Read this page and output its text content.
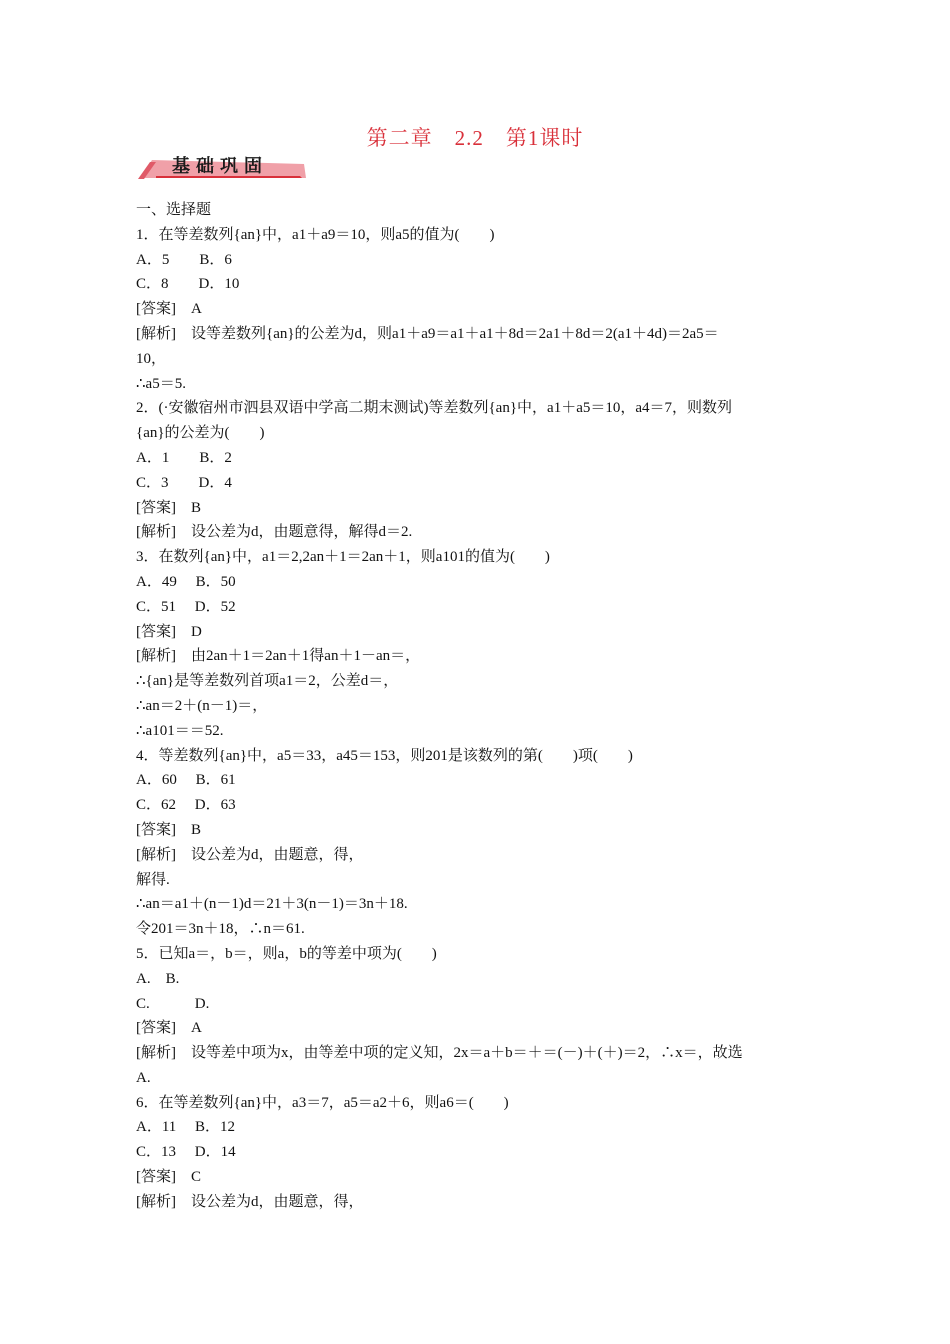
第二章　2.2　第1课时
基础巩固
一、选择题
1．在等差数列{an}中，a1＋a9＝10，则a5的值为(　　)
A．5　　B．6
C．8　　D．10
[答案]　A
[解析]　设等差数列{an}的公差为d，则a1＋a9＝a1＋a1＋8d＝2a1＋8d＝2(a1＋4d)＝2a5＝
10，
∴a5＝5.
2．(·安徽宿州市泗县双语中学高二期末测试)等差数列{an}中，a1＋a5＝10，a4＝7，则数列
{an}的公差为(　　)
A．1　　B．2
C．3　　D．4
[答案]　B
[解析]　设公差为d，由题意得，解得d＝2.
3．在数列{an}中，a1＝2,2an＋1＝2an＋1，则a101的值为(　　)
A．49　 B．50
C．51　 D．52
[答案]　D
[解析]　由2an＋1＝2an＋1得an＋1－an＝，
∴{an}是等差数列首项a1＝2，公差d＝，
∴an＝2＋(n－1)＝，
∴a101＝＝52.
4．等差数列{an}中，a5＝33，a45＝153，则201是该数列的第(　　)项(　　)
A．60　 B．61
C．62　 D．63
[答案]　B
[解析]　设公差为d，由题意，得，
解得.
∴an＝a1＋(n－1)d＝21＋3(n－1)＝3n＋18.
令201＝3n＋18，∴n＝61.
5．已知a＝，b＝，则a，b的等差中项为(　　)
A.　B.
C.　　　D.
[答案]　A
[解析]　设等差中项为x，由等差中项的定义知，2x＝a＋b＝＋＝(－)＋(＋)＝2，∴x＝，故选
A.
6．在等差数列{an}中，a3＝7，a5＝a2＋6，则a6＝(　　)
A．11　 B．12
C．13　 D．14
[答案]　C
[解析]　设公差为d，由题意，得，
